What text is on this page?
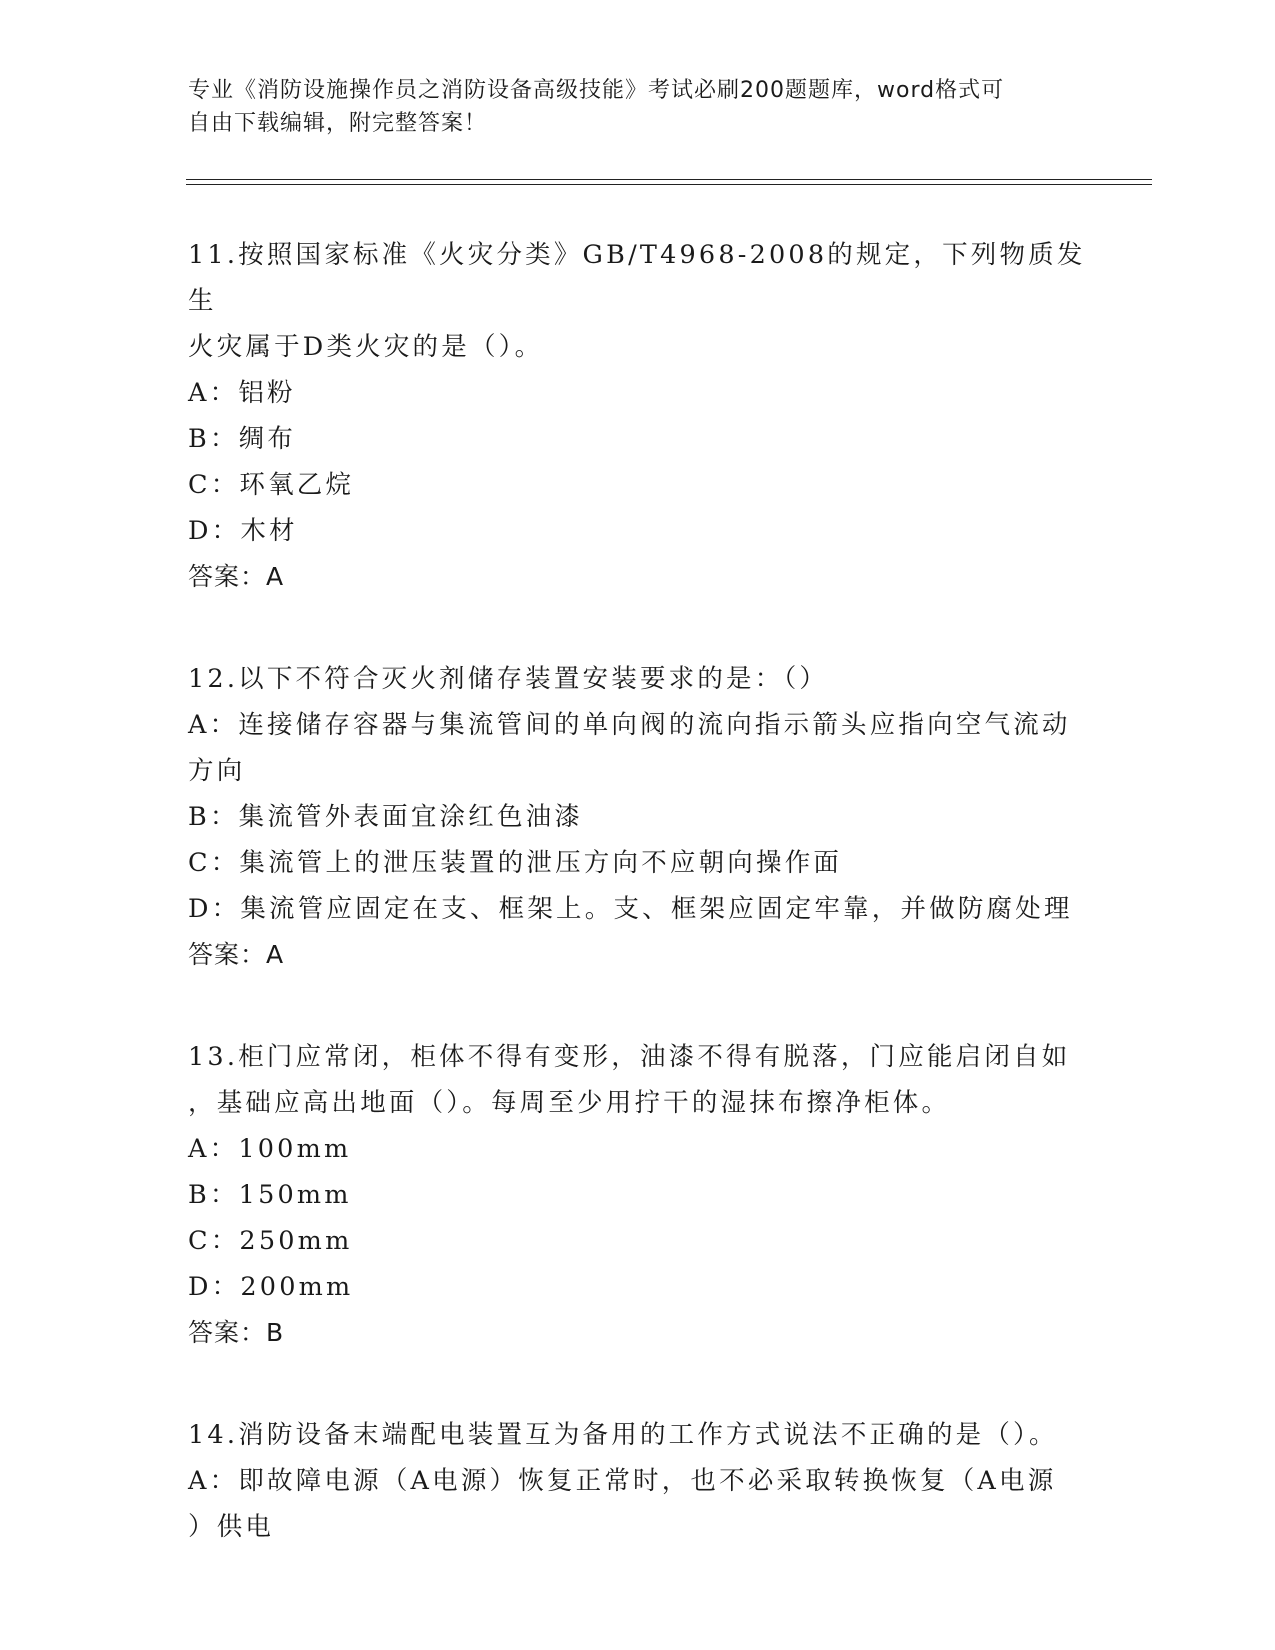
专业《消防设施操作员之消防设备高级技能》考试必刷200题题库，word格式可
自由下载编辑，附完整答案！
11.按照国家标准《火灾分类》GB/T4968-2008的规定，下列物质发生
火灾属于D类火灾的是（）。
A：铝粉
B：绸布
C：环氧乙烷
D：木材
答案：A
12.以下不符合灭火剂储存装置安装要求的是：（）
A：连接储存容器与集流管间的单向阀的流向指示箭头应指向空气流动
方向
B：集流管外表面宜涂红色油漆
C：集流管上的泄压装置的泄压方向不应朝向操作面
D：集流管应固定在支、框架上。支、框架应固定牢靠，并做防腐处理
答案：A
13.柜门应常闭，柜体不得有变形，油漆不得有脱落，门应能启闭自如
，基础应高出地面（）。每周至少用拧干的湿抹布擦净柜体。
A：100mm
B：150mm
C：250mm
D：200mm
答案：B
14.消防设备末端配电装置互为备用的工作方式说法不正确的是（）。
A：即故障电源（A电源）恢复正常时，也不必采取转换恢复（A电源
）供电
